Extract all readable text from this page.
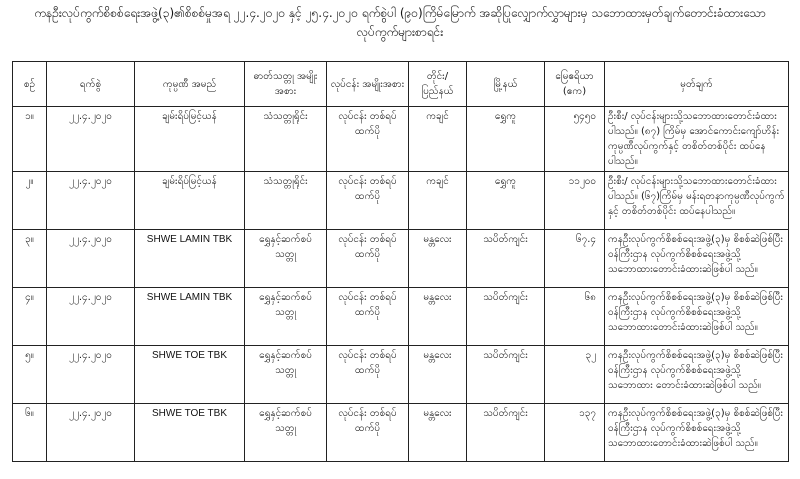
ကနဦးလုပ်ကွက်စိစစ်ရေးအဖွဲ့(၃)၏စိစစ်မှုအရ ၂၂.၄.၂၀၂၀ နှင့် ၂၅.၄.၂၀၂၀ ရက်စွဲပါ (၉၀)ကြိမ်မြောက် အဆိုပြုလျှောက်လွှာများမှ သဘောထားမှတ်ချက်တောင်းခံထားသော
လုပ်ကွက်များစာရင်း
စဉ်	ရက်စွဲ	ကုမ္ပဏီ အမည်	ဓာတ်သတ္တု အမျိုးအစား	လုပ်ငန်း အမျိုးအစား	တိုင်း/ ပြည်နယ်	မြို့နယ်	မြေဧရိယာ (ဧက)	မှတ်ချက်
၁။	၂၂.၄.၂၀၂၀	ချမ်းရိပ်မြင့်ယန်	သံသတ္တုရိုင်း	လုပ်ငန်း တစ်ရပ်ထက်ပို	ကချင်	ရွှေကူ	၅၄၅၀	ဦးစီး/ လုပ်ငန်းများသို့သဘောထားတောင်းခံထားပါသည်။ (၈၇) ကြိမ်မှ အောင်ကောင်းကျော်ဟိန်းကုမ္ပဏီလုပ်ကွက်နှင့် တစိတ်တစ်ပိုင်း ထပ်နေပါသည်။
၂။	၂၂.၄.၂၀၂၀	ချမ်းရိပ်မြင့်ယန်	သံသတ္တုရိုင်း	လုပ်ငန်း တစ်ရပ်ထက်ပို	ကချင်	ရွှေကူ	၁၁၂၀၀	ဦးစီး/ လုပ်ငန်းများသို့သဘောထားတောင်းခံထားပါသည်။ (၆၇)ကြိမ်မှ မန်းရတနာကုမ္ပဏီလုပ်ကွက်နှင့် တစိတ်တစ်ပိုင်း ထပ်နေပါသည်။
၃။	၂၂.၄.၂၀၂၀	SHWE LAMIN TBK	ရွှေနှင့်ဆက်စပ် သတ္တု	လုပ်ငန်း တစ်ရပ်ထက်ပို	မန္တလေး	သပိတ်ကျင်း	၆၇.၄	ကနဦးလုပ်ကွက်စိစစ်ရေးအဖွဲ့(၃)မှ စိစစ်ဆဲဖြစ်ပြီး ဝန်ကြီးဌာန လုပ်ကွက်စိစစ်ရေးအဖွဲ့သို့ သဘောထားတောင်းခံထားဆဲဖြစ်ပါ သည်။
၄။	၂၂.၄.၂၀၂၀	SHWE LAMIN TBK	ရွှေနှင့်ဆက်စပ် သတ္တု	လုပ်ငန်း တစ်ရပ်ထက်ပို	မန္တလေး	သပိတ်ကျင်း	၆၈	ကနဦးလုပ်ကွက်စိစစ်ရေးအဖွဲ့(၃)မှ စိစစ်ဆဲဖြစ်ပြီး ဝန်ကြီးဌာန လုပ်ကွက်စိစစ်ရေးအဖွဲ့သို့ သဘောထားတောင်းခံထားဆဲဖြစ်ပါ သည်။
၅။	၂၂.၄.၂၀၂၀	SHWE TOE TBK	ရွှေနှင့်ဆက်စပ် သတ္တု	လုပ်ငန်း တစ်ရပ်ထက်ပို	မန္တလေး	သပိတ်ကျင်း	၃၂	ကနဦးလုပ်ကွက်စိစစ်ရေးအဖွဲ့(၃)မှ စိစစ်ဆဲဖြစ်ပြီး ဝန်ကြီးဌာန လုပ်ကွက်စိစစ်ရေးအဖွဲ့သို့ သဘောထား တောင်းခံထားဆဲဖြစ်ပါ သည်။
၆။	၂၂.၄.၂၀၂၀	SHWE TOE TBK	ရွှေနှင့်ဆက်စပ် သတ္တု	လုပ်ငန်း တစ်ရပ်ထက်ပို	မန္တလေး	သပိတ်ကျင်း	၁၃၇	ကနဦးလုပ်ကွက်စိစစ်ရေးအဖွဲ့(၃)မှ စိစစ်ဆဲဖြစ်ပြီး ဝန်ကြီးဌာန လုပ်ကွက်စိစစ်ရေးအဖွဲ့သို့ သဘောထားတောင်းခံထားဆဲဖြစ်ပါ သည်။
